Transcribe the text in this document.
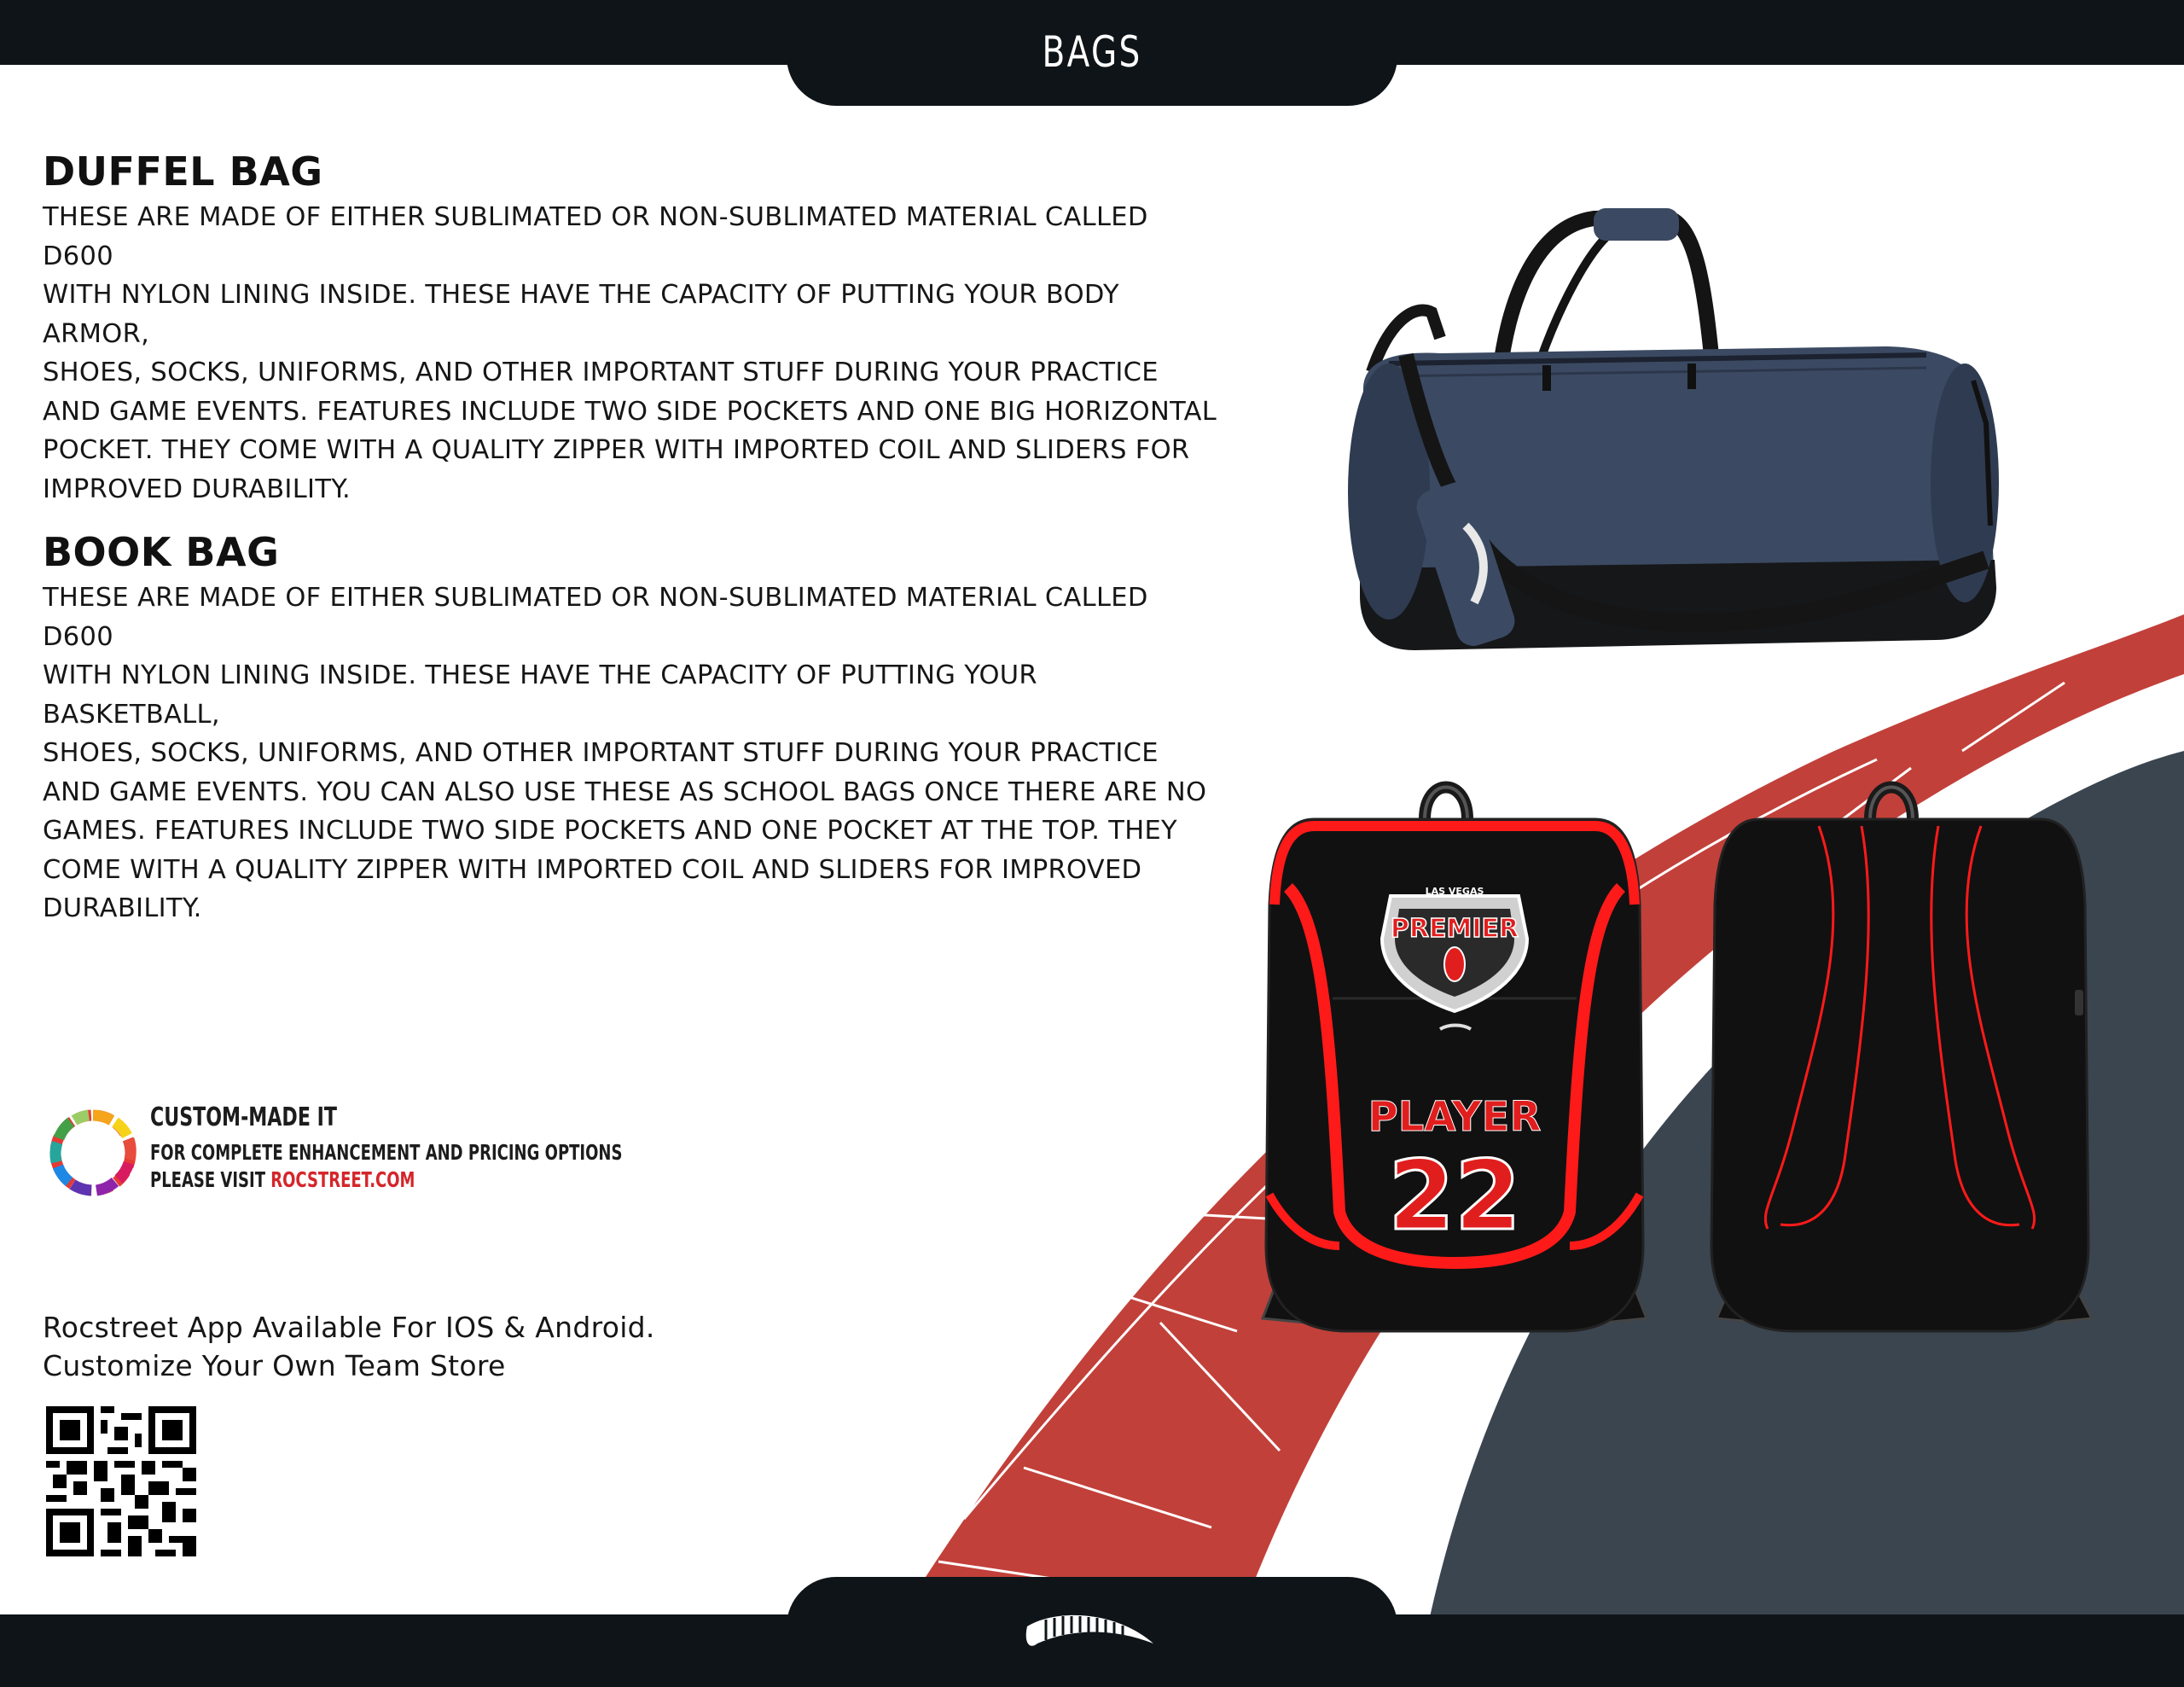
BAGS
DUFFEL BAG
THESE ARE MADE OF EITHER SUBLIMATED OR NON-SUBLIMATED MATERIAL CALLED D600
WITH NYLON LINING INSIDE. THESE HAVE THE CAPACITY OF PUTTING YOUR BODY ARMOR,
SHOES, SOCKS, UNIFORMS, AND OTHER IMPORTANT STUFF DURING YOUR PRACTICE
AND GAME EVENTS. FEATURES INCLUDE TWO SIDE POCKETS AND ONE BIG HORIZONTAL
POCKET. THEY COME WITH A QUALITY ZIPPER WITH IMPORTED COIL AND SLIDERS FOR
IMPROVED DURABILITY.
BOOK BAG
THESE ARE MADE OF EITHER SUBLIMATED OR NON-SUBLIMATED MATERIAL CALLED D600
WITH NYLON LINING INSIDE. THESE HAVE THE CAPACITY OF PUTTING YOUR BASKETBALL,
SHOES, SOCKS, UNIFORMS, AND OTHER IMPORTANT STUFF DURING YOUR PRACTICE
AND GAME EVENTS. YOU CAN ALSO USE THESE AS SCHOOL BAGS ONCE THERE ARE NO
GAMES. FEATURES INCLUDE TWO SIDE POCKETS AND ONE POCKET AT THE TOP. THEY
COME WITH A QUALITY ZIPPER WITH IMPORTED COIL AND SLIDERS FOR IMPROVED
DURABILITY.
CUSTOM-MADE IT
FOR COMPLETE ENHANCEMENT AND PRICING OPTIONS
PLEASE VISIT ROCSTREET.COM
Rocstreet App Available For IOS & Android.
Customize Your Own Team Store
LAS VEGAS
PREMIER
PLAYER
22
